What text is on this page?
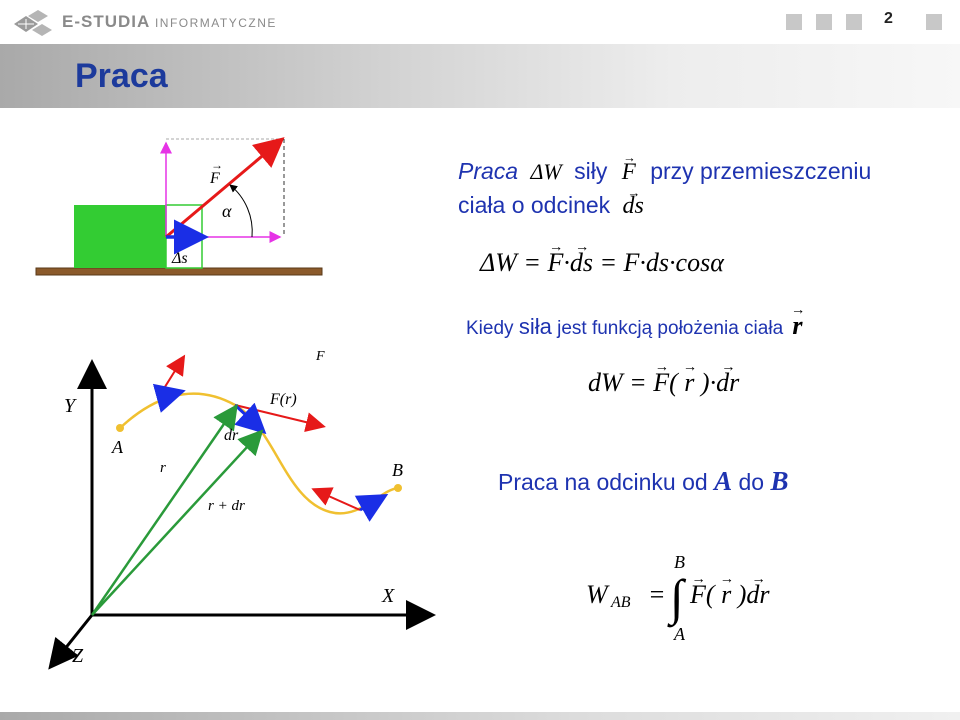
E-STUDIA INFORMATYCZNE	2
Praca
F
→
α
Δs
Y
X
Z
A
B
F
F(r)
dr
r
r + dr
Praca ΔW siły → F przy przemieszczeniu
ciała o odcinek → ds
ΔW = → F·→ ds = F·ds·cosα
Kiedy siła jest funkcją położenia ciała → r
dW = → F( → r )·→ dr
Praca na odcinku od A do B
W AB =
B
∫
A
→ F( → r )→ dr
